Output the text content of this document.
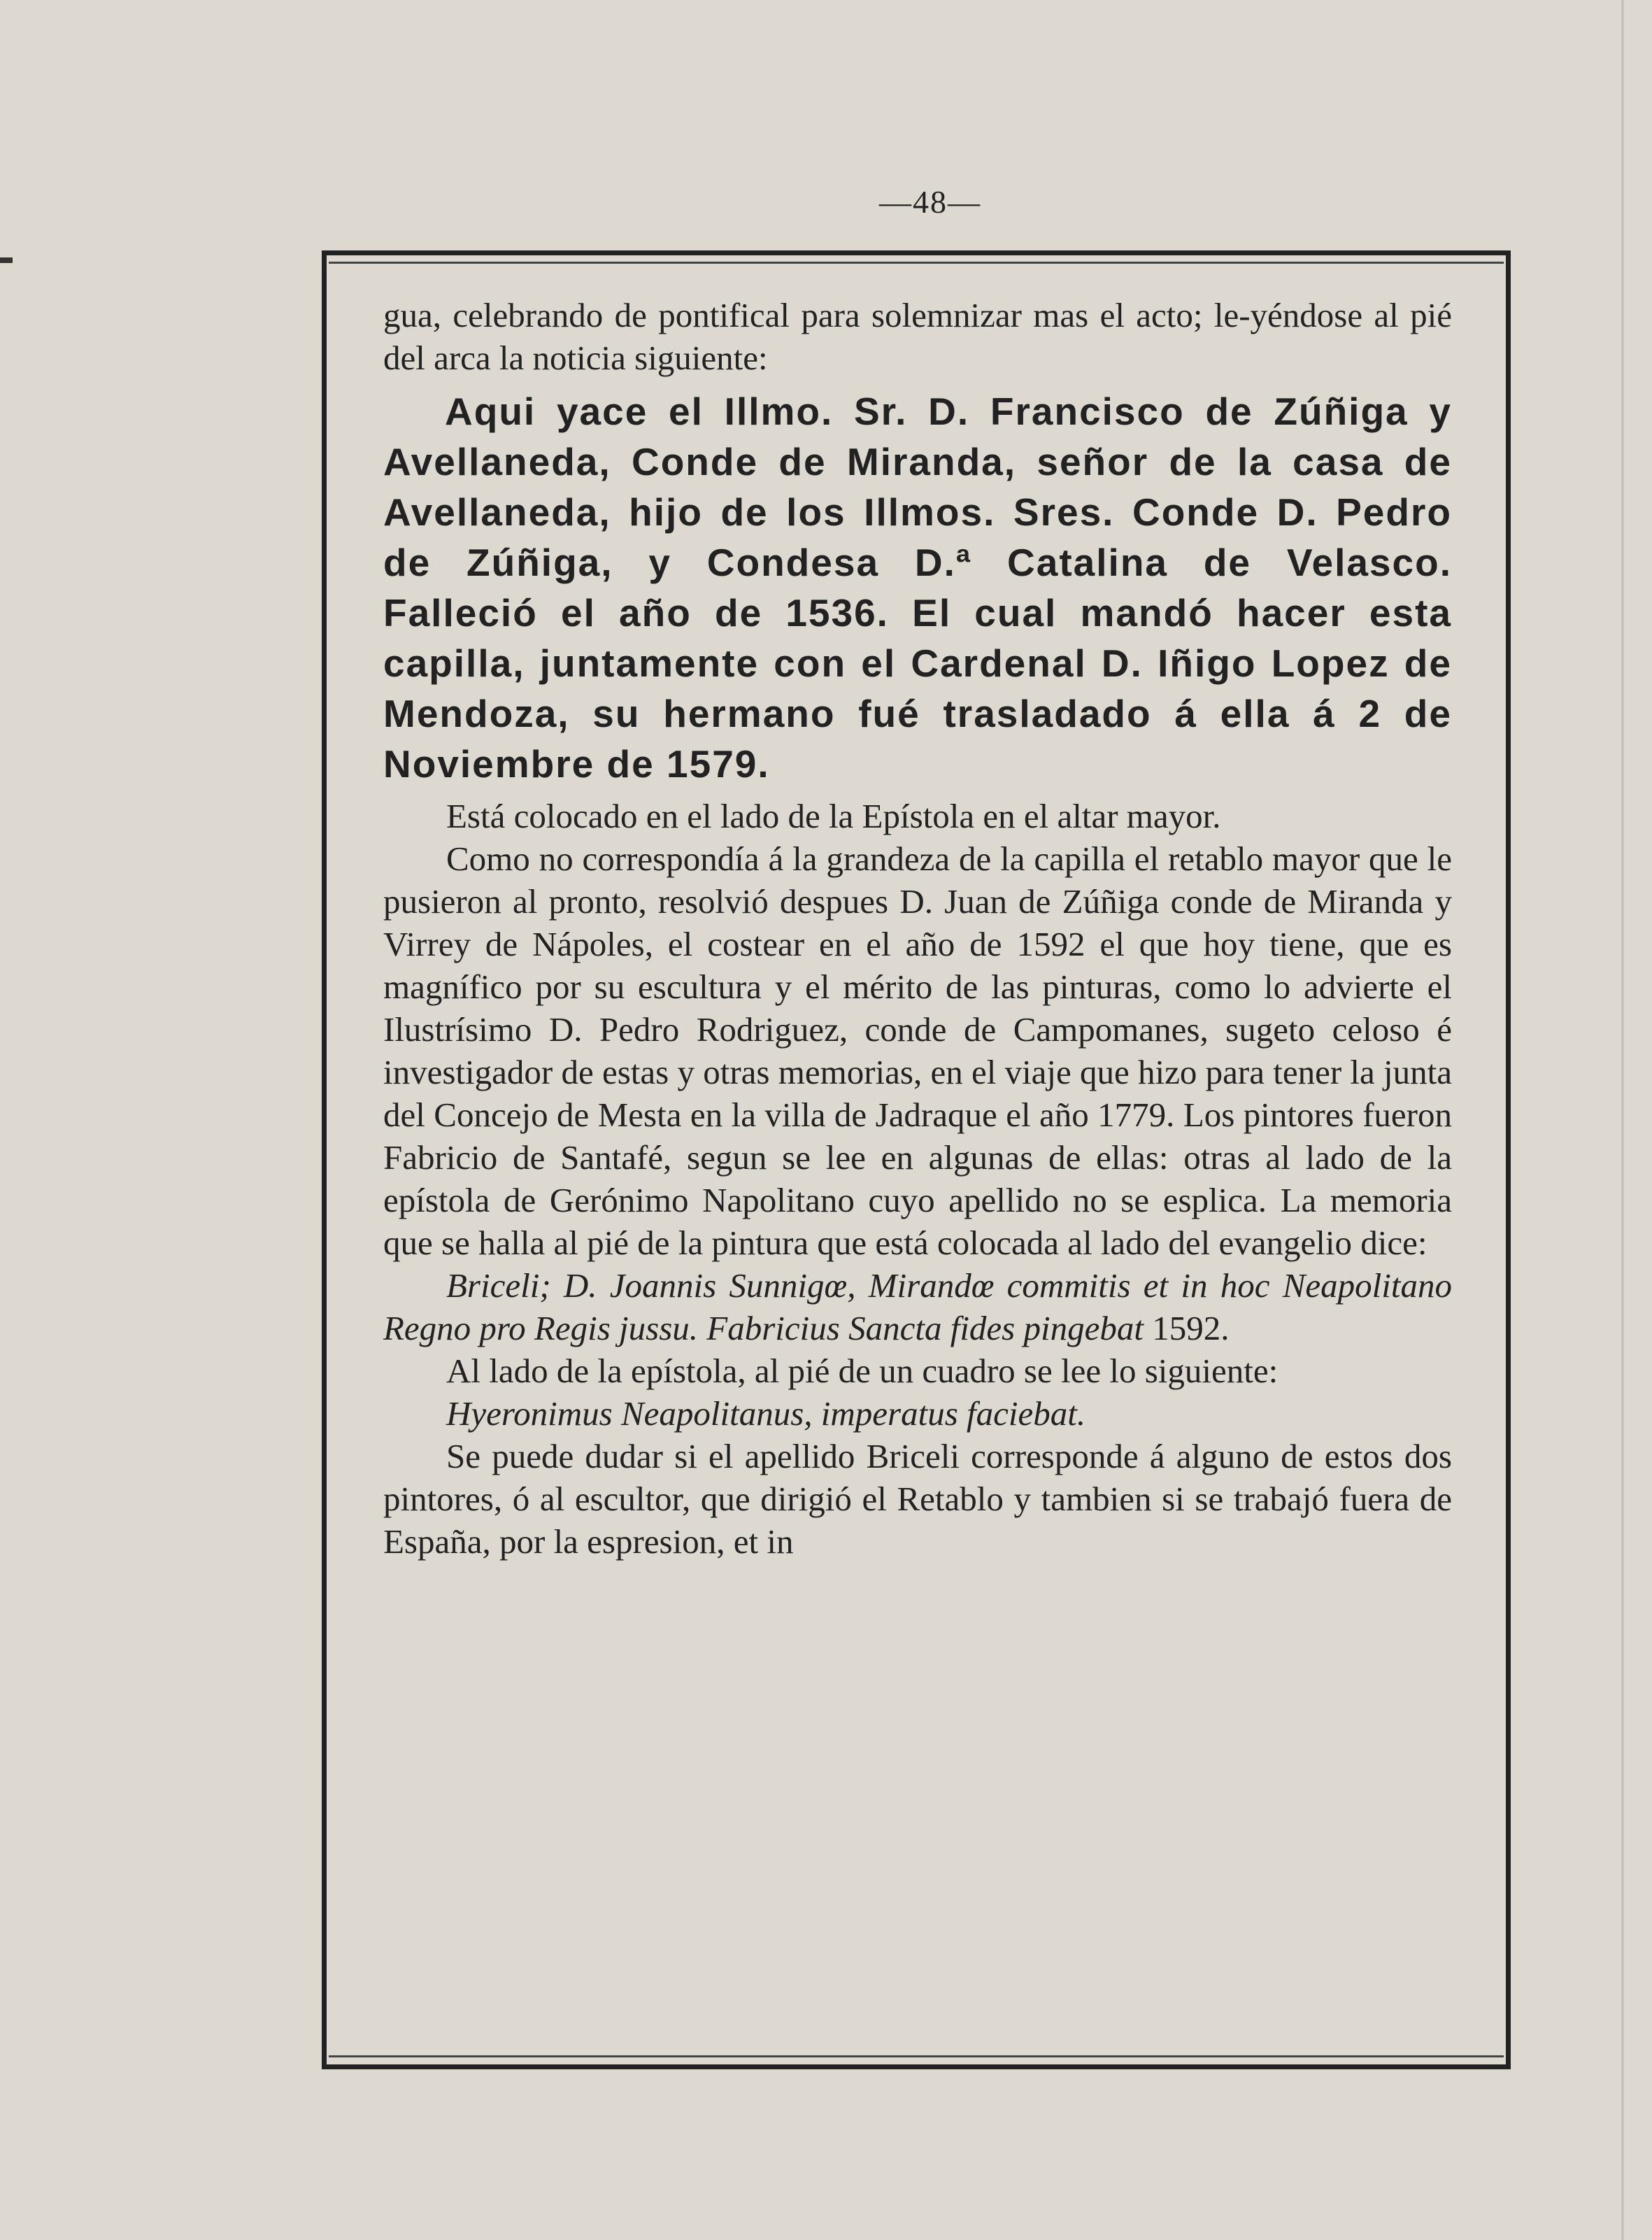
—48—

gua, celebrando de pontifical para solemnizar mas el acto; le-yéndose al pié del arca la noticia siguiente:

Aqui yace el Illmo. Sr. D. Francisco de Zúñiga y Avellaneda, Conde de Miranda, señor de la casa de Avellaneda, hijo de los Illmos. Sres. Conde D. Pedro de Zúñiga, y Condesa D.ª Catalina de Velasco. Falleció el año de 1536. El cual mandó hacer esta capilla, juntamente con el Cardenal D. Iñigo Lopez de Mendoza, su hermano fué trasladado á ella á 2 de Noviembre de 1579.

Está colocado en el lado de la Epístola en el altar mayor.

Como no correspondía á la grandeza de la capilla el retablo mayor que le pusieron al pronto, resolvió despues D. Juan de Zúñiga conde de Miranda y Virrey de Nápoles, el costear en el año de 1592 el que hoy tiene, que es magnífico por su escultura y el mérito de las pinturas, como lo advierte el Ilustrísimo D. Pedro Rodriguez, conde de Campomanes, sugeto celoso é investigador de estas y otras memorias, en el viaje que hizo para tener la junta del Concejo de Mesta en la villa de Jadraque el año 1779. Los pintores fueron Fabricio de Santafé, segun se lee en algunas de ellas: otras al lado de la epístola de Gerónimo Napolitano cuyo apellido no se esplica. La memoria que se halla al pié de la pintura que está colocada al lado del evangelio dice:

Briceli; D. Joannis Sunnigœ, Mirandœ commitis et in hoc Neapolitano Regno pro Regis jussu. Fabricius Sancta fides pingebat 1592.

Al lado de la epístola, al pié de un cuadro se lee lo siguiente:

Hyeronimus Neapolitanus, imperatus faciebat.

Se puede dudar si el apellido Briceli corresponde á alguno de estos dos pintores, ó al escultor, que dirigió el Retablo y tambien si se trabajó fuera de España, por la espresion, et in
